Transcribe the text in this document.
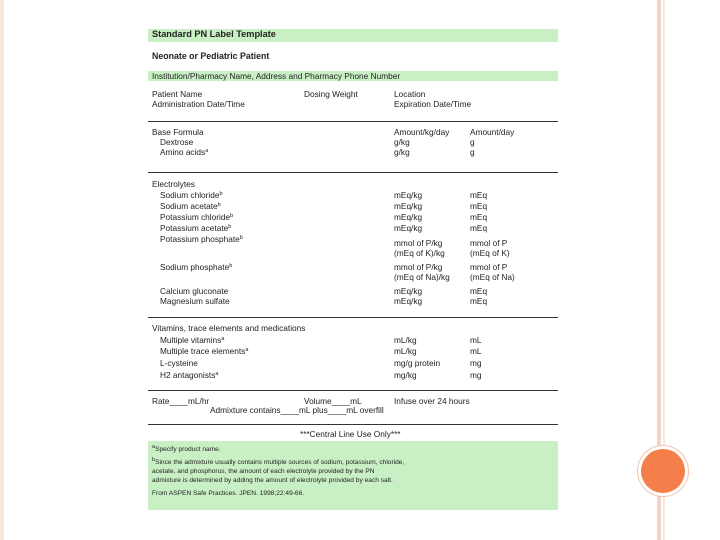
Standard PN Label Template
Neonate or Pediatric Patient
Institution/Pharmacy Name, Address and Pharmacy Phone Number
Patient Name	Dosing Weight	Location
Administration Date/Time	Expiration Date/Time
Base Formula	Amount/kg/day Amount/day
Dextrose	g/kg	g
Amino acids$^a$	g/kg	g
Electrolytes
Sodium chloride$^b$	mEq/kg	mEq
Sodium acetate$^b$	mEq/kg	mEq
Potassium chloride$^b$	mEq/kg	mEq
Potassium acetate$^b$	mEq/kg	mEq
Potassium phosphate$^b$	mmol of P/kg	mmol of P
(mEq of K)/kg	(mEq of K)
Sodium phosphate$^b$	mmol of P/kg	mmol of P
(mEq of Na)/kg (mEq of Na)
Calcium gluconate	mEq/kg	mEq
Magnesium sulfate	mEq/kg	mEq
Vitamins, trace elements and medications
Multiple vitamins$^a$	mL/kg	mL
Multiple trace elements$^a$	mL/kg	mL
L-cysteine	mg/g protein	mg
H2 antagonists$^a$	mg/kg	mg
Rate____mL/hr	Volume____mL	Infuse over 24 hours
Admixture contains____mL plus____mL overfill
***Central Line Use Only***
$^a$Specify product name.
$^b$Since the admixture usually contains multiple sources of sodium, potassium, chloride,
acetate, and phosphorus, the amount of each electrolyte provided by the PN
admixture is determined by adding the amount of electrolyte provided by each salt.
From ASPEN Safe Practices. JPEN. 1998;22:49-66.
